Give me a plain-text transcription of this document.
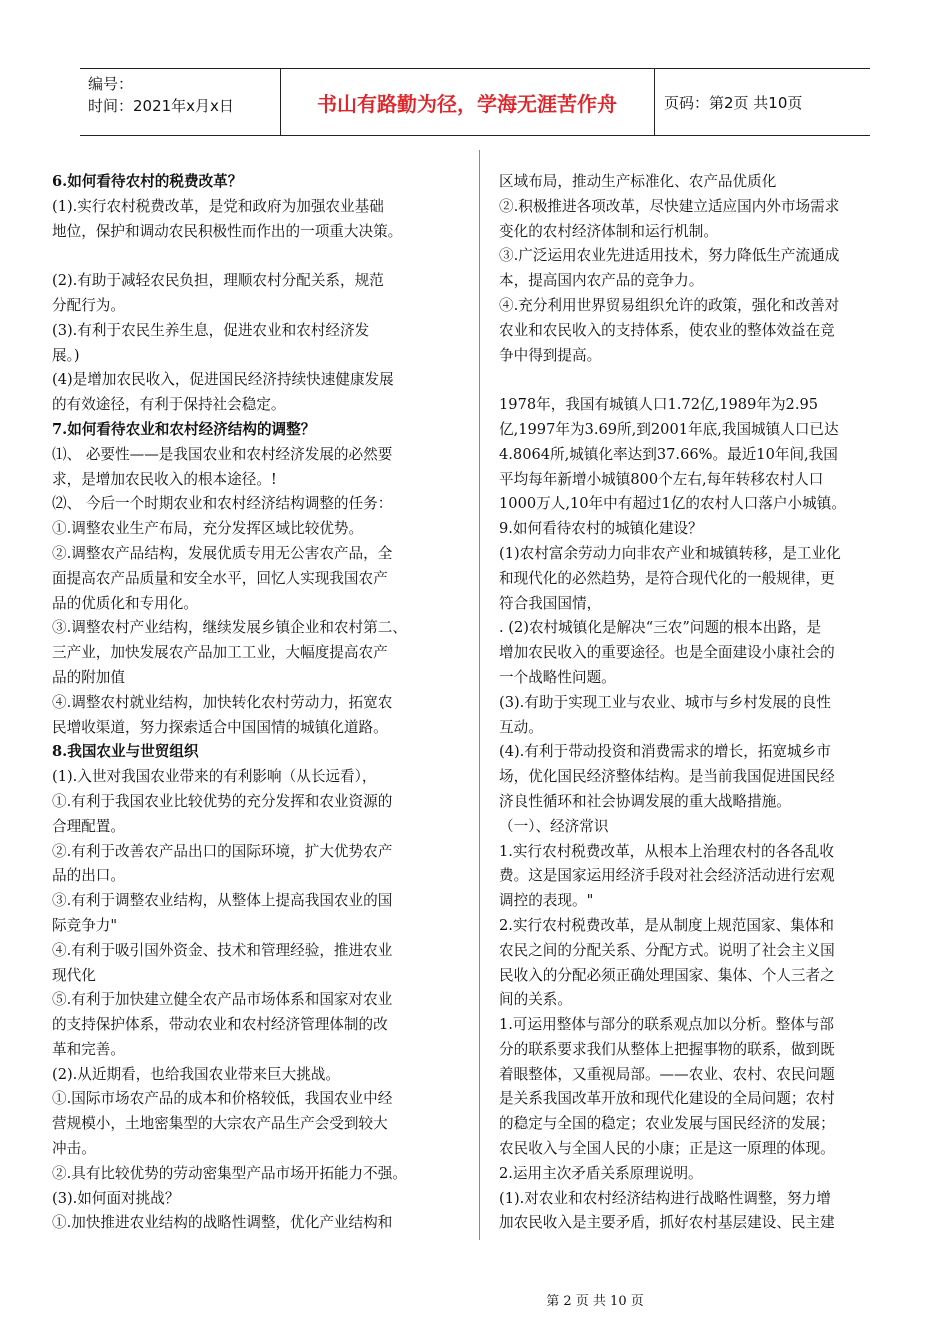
编号：
时间：2021年x月x日	书山有路勤为径，学海无涯苦作舟	页码：第2页 共10页

6.如何看待农村的税费改革？

(1).实行农村税费改革，是党和政府为加强农业基础

地位，保护和调动农民积极性而作出的一项重大决策。

(2).有助于减轻农民负担，理顺农村分配关系，规范

分配行为。

(3).有利于农民生养生息，促进农业和农村经济发

展。)

(4)是增加农民收入，促进国民经济持续快速健康发展

的有效途径，有利于保持社会稳定。

7.如何看待农业和农村经济结构的调整？

⑴、 必要性——是我国农业和农村经济发展的必然要

求，是增加农民收入的根本途径。!

⑵、 今后一个时期农业和农村经济结构调整的任务：

①.调整农业生产布局，充分发挥区域比较优势。

②.调整农产品结构，发展优质专用无公害农产品，全

面提高农产品质量和安全水平，回忆人实现我国农产

品的优质化和专用化。

③.调整农村产业结构，继续发展乡镇企业和农村第二、

三产业，加快发展农产品加工工业，大幅度提高农产

品的附加值

④.调整农村就业结构，加快转化农村劳动力，拓宽农

民增收渠道，努力探索适合中国国情的城镇化道路。

8.我国农业与世贸组织

(1).入世对我国农业带来的有利影响（从长远看），

①.有利于我国农业比较优势的充分发挥和农业资源的

合理配置。

②.有利于改善农产品出口的国际环境，扩大优势农产

品的出口。

③.有利于调整农业结构，从整体上提高我国农业的国

际竞争力"

④.有利于吸引国外资金、技术和管理经验，推进农业

现代化

⑤.有利于加快建立健全农产品市场体系和国家对农业

的支持保护体系，带动农业和农村经济管理体制的改

革和完善。

(2).从近期看，也给我国农业带来巨大挑战。

①.国际市场农产品的成本和价格较低，我国农业中经

营规模小，土地密集型的大宗农产品生产会受到较大

冲击。

②.具有比较优势的劳动密集型产品市场开拓能力不强。

(3).如何面对挑战？

①.加快推进农业结构的战略性调整，优化产业结构和

区域布局，推动生产标准化、农产品优质化

②.积极推进各项改革，尽快建立适应国内外市场需求

变化的农村经济体制和运行机制。

③.广泛运用农业先进适用技术，努力降低生产流通成

本，提高国内农产品的竞争力。

④.充分利用世界贸易组织允许的政策，强化和改善对

农业和农民收入的支持体系，使农业的整体效益在竞

争中得到提高。

1978年，我国有城镇人口1.72亿,1989年为2.95

亿,1997年为3.69所,到2001年底,我国城镇人口已达

4.8064所,城镇化率达到37.66%。最近10年间,我国

平均每年新增小城镇800个左右,每年转移农村人口

1000万人,10年中有超过1亿的农村人口落户小城镇。

9.如何看待农村的城镇化建设？

(1)农村富余劳动力向非农产业和城镇转移，是工业化

和现代化的必然趋势，是符合现代化的一般规律，更

符合我国国情，

. (2)农村城镇化是解决“三农”问题的根本出路，是

增加农民收入的重要途径。也是全面建设小康社会的

一个战略性问题。

(3).有助于实现工业与农业、城市与乡村发展的良性

互动。

(4).有利于带动投资和消费需求的增长，拓宽城乡市

场，优化国民经济整体结构。是当前我国促进国民经

济良性循环和社会协调发展的重大战略措施。

（一）、经济常识

1.实行农村税费改革，从根本上治理农村的各各乱收

费。这是国家运用经济手段对社会经济活动进行宏观

调控的表现。"

2.实行农村税费改革，是从制度上规范国家、集体和

农民之间的分配关系、分配方式。说明了社会主义国

民收入的分配必须正确处理国家、集体、个人三者之

间的关系。

1.可运用整体与部分的联系观点加以分析。整体与部

分的联系要求我们从整体上把握事物的联系，做到既

着眼整体，又重视局部。——农业、农村、农民问题

是关系我国改革开放和现代化建设的全局问题；农村

的稳定与全国的稳定；农业发展与国民经济的发展；

农民收入与全国人民的小康；正是这一原理的体现。

2.运用主次矛盾关系原理说明。

(1).对农业和农村经济结构进行战略性调整，努力增

加农民收入是主要矛盾，抓好农村基层建设、民主建

第 2 页 共 10 页
